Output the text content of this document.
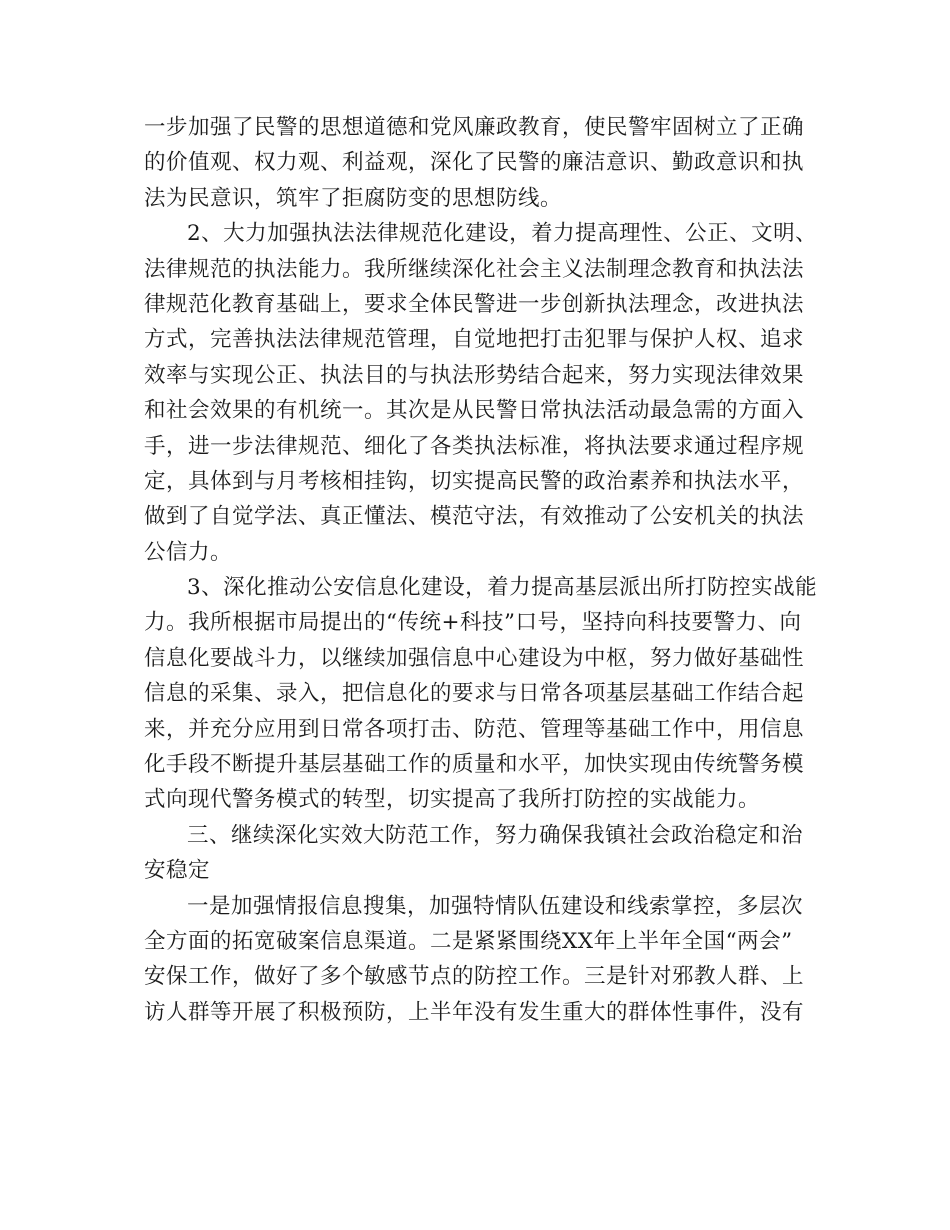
一步加强了民警的思想道德和党风廉政教育，使民警牢固树立了正确
的价值观、权力观、利益观，深化了民警的廉洁意识、勤政意识和执
法为民意识，筑牢了拒腐防变的思想防线。
2、大力加强执法法律规范化建设，着力提高理性、公正、文明、
法律规范的执法能力。我所继续深化社会主义法制理念教育和执法法
律规范化教育基础上，要求全体民警进一步创新执法理念，改进执法
方式，完善执法法律规范管理，自觉地把打击犯罪与保护人权、追求
效率与实现公正、执法目的与执法形势结合起来，努力实现法律效果
和社会效果的有机统一。其次是从民警日常执法活动最急需的方面入
手，进一步法律规范、细化了各类执法标准，将执法要求通过程序规
定，具体到与月考核相挂钩，切实提高民警的政治素养和执法水平，
做到了自觉学法、真正懂法、模范守法，有效推动了公安机关的执法
公信力。
3、深化推动公安信息化建设，着力提高基层派出所打防控实战能
力。我所根据市局提出的“传统+科技”口号，坚持向科技要警力、向
信息化要战斗力，以继续加强信息中心建设为中枢，努力做好基础性
信息的采集、录入，把信息化的要求与日常各项基层基础工作结合起
来，并充分应用到日常各项打击、防范、管理等基础工作中，用信息
化手段不断提升基层基础工作的质量和水平，加快实现由传统警务模
式向现代警务模式的转型，切实提高了我所打防控的实战能力。
三、继续深化实效大防范工作，努力确保我镇社会政治稳定和治
安稳定
一是加强情报信息搜集，加强特情队伍建设和线索掌控，多层次
全方面的拓宽破案信息渠道。二是紧紧围绕XX年上半年全国“两会”
安保工作，做好了多个敏感节点的防控工作。三是针对邪教人群、上
访人群等开展了积极预防，上半年没有发生重大的群体性事件，没有
